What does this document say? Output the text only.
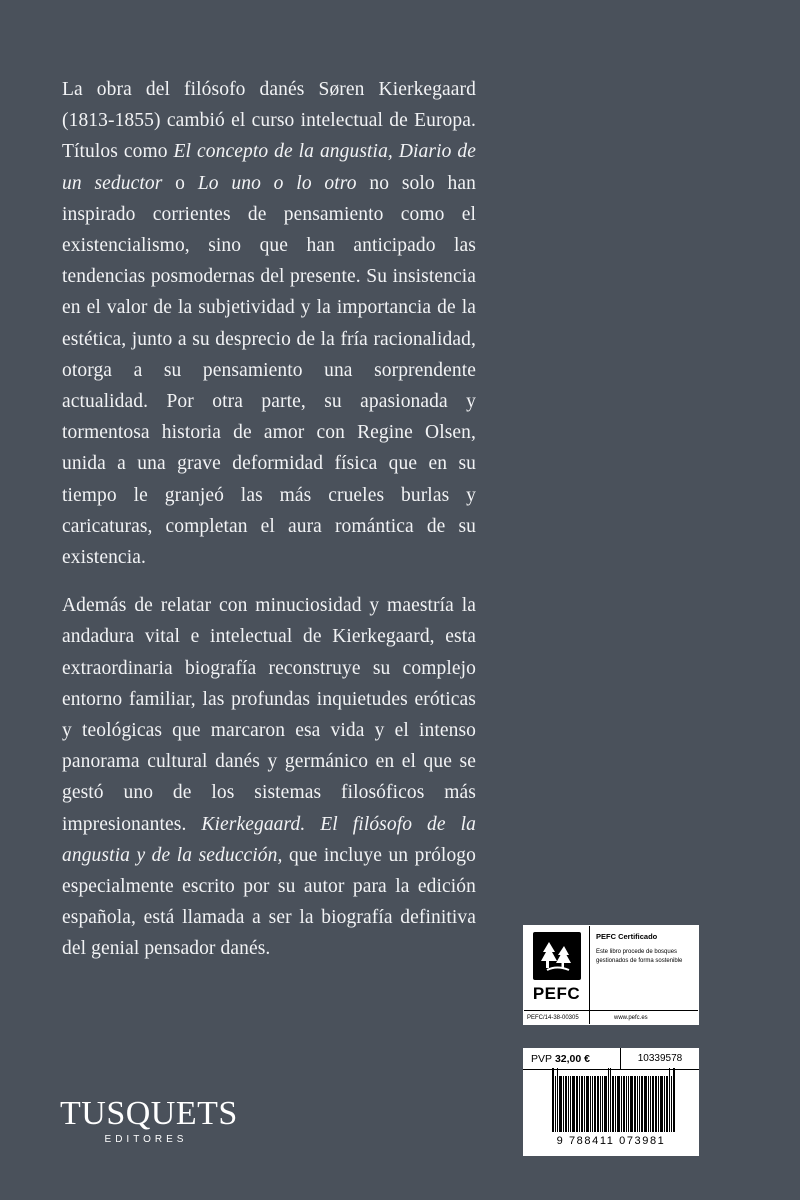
La obra del filósofo danés Søren Kierkegaard (1813-1855) cambió el curso intelectual de Europa. Títulos como El concepto de la angustia, Diario de un seductor o Lo uno o lo otro no solo han inspirado corrientes de pensamiento como el existencialismo, sino que han anticipado las tendencias posmodernas del presente. Su insistencia en el valor de la subjetividad y la importancia de la estética, junto a su desprecio de la fría racionalidad, otorga a su pensamiento una sorprendente actualidad. Por otra parte, su apasionada y tormentosa historia de amor con Regine Olsen, unida a una grave deformidad física que en su tiempo le granjeó las más crueles burlas y caricaturas, completan el aura romántica de su existencia.

Además de relatar con minuciosidad y maestría la andadura vital e intelectual de Kierkegaard, esta extraordinaria biografía reconstruye su complejo entorno familiar, las profundas inquietudes eróticas y teológicas que marcaron esa vida y el intenso panorama cultural danés y germánico en el que se gestó uno de los sistemas filosóficos más impresionantes. Kierkegaard. El filósofo de la angustia y de la seducción, que incluye un prólogo especialmente escrito por su autor para la edición española, está llamada a ser la biografía definitiva del genial pensador danés.

PEFC
PEFC Certificado
Este libro procede de bosques gestionados de forma sostenible
PEFC/14-38-00305	www.pefc.es
PVP
32,00 €	10339578
9 788411 073981
TUSQUETS
EDITORES
